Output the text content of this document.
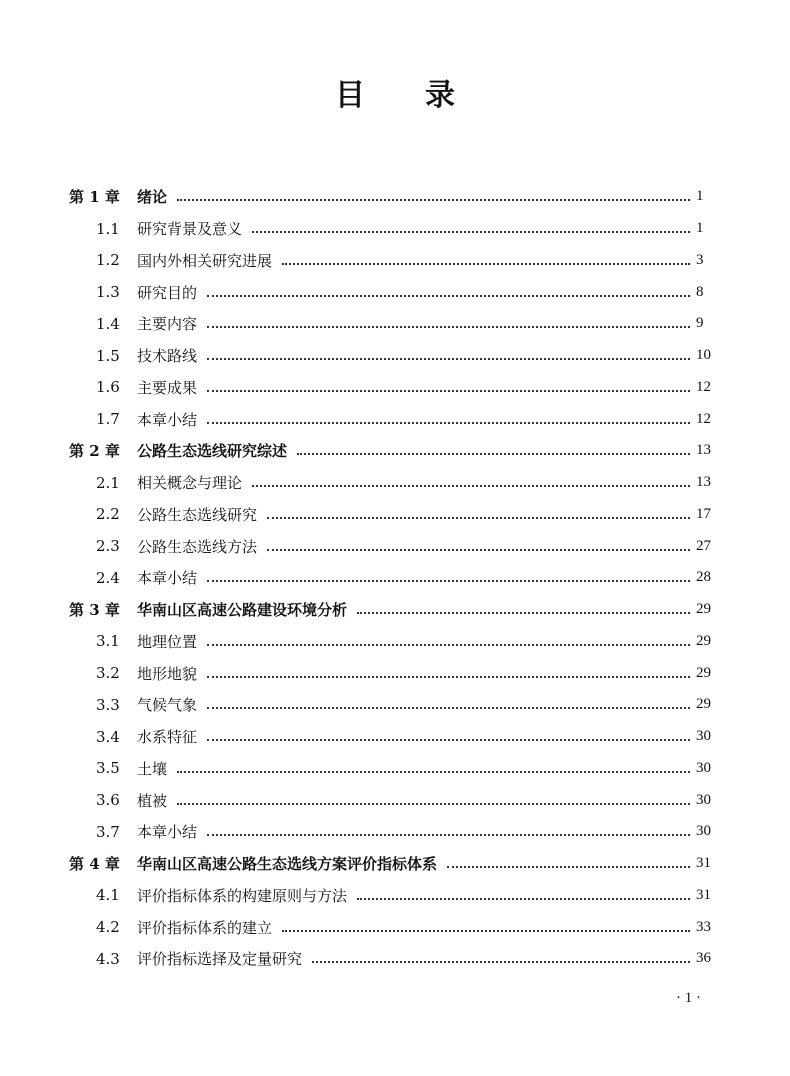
目 录
第 1 章	绪论	1
1.1	研究背景及意义	1
1.2	国内外相关研究进展	3
1.3	研究目的	8
1.4	主要内容	9
1.5	技术路线	10
1.6	主要成果	12
1.7	本章小结	12
第 2 章	公路生态选线研究综述	13
2.1	相关概念与理论	13
2.2	公路生态选线研究	17
2.3	公路生态选线方法	27
2.4	本章小结	28
第 3 章	华南山区高速公路建设环境分析	29
3.1	地理位置	29
3.2	地形地貌	29
3.3	气候气象	29
3.4	水系特征	30
3.5	土壤	30
3.6	植被	30
3.7	本章小结	30
第 4 章	华南山区高速公路生态选线方案评价指标体系	31
4.1	评价指标体系的构建原则与方法	31
4.2	评价指标体系的建立	33
4.3	评价指标选择及定量研究	36
· 1 ·
